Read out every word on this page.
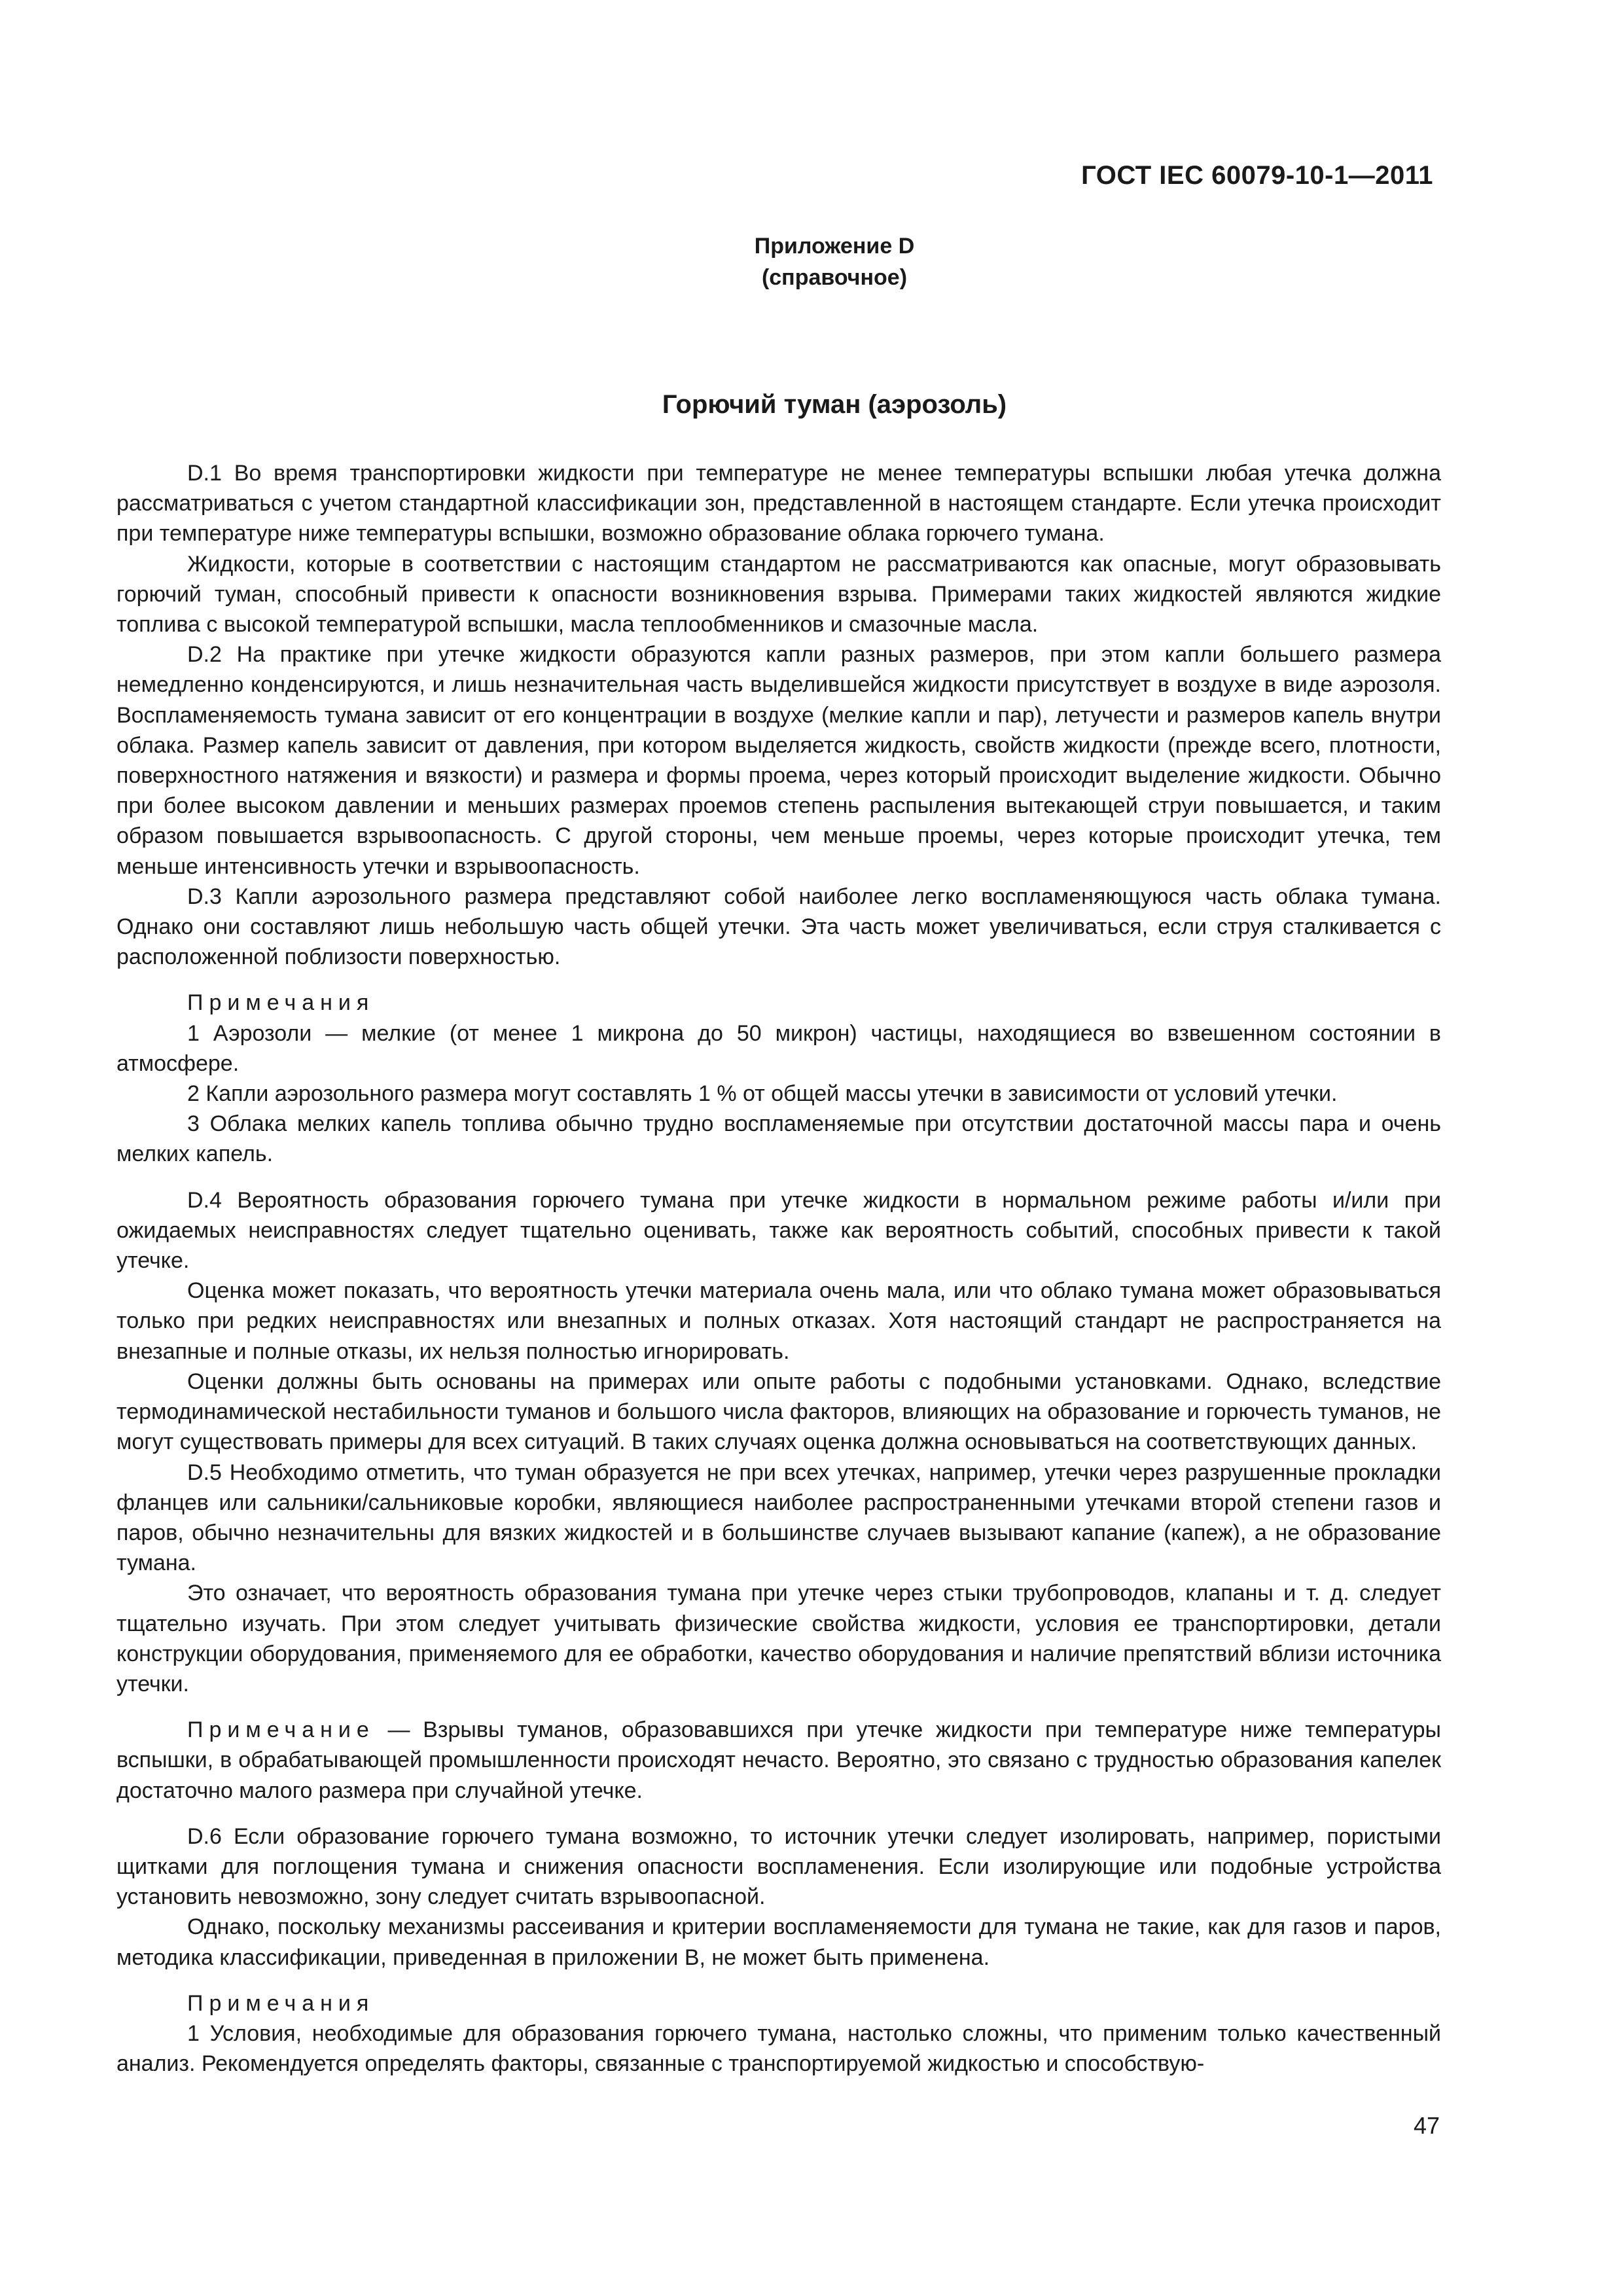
ГОСТ IEC 60079-10-1—2011
Приложение D
(справочное)
Горючий туман (аэрозоль)

D.1 Во время транспортировки жидкости при температуре не менее температуры вспышки любая утечка должна рассматриваться с учетом стандартной классификации зон, представленной в настоящем стандарте. Если утечка происходит при температуре ниже температуры вспышки, возможно образование облака горючего тумана.

Жидкости, которые в соответствии с настоящим стандартом не рассматриваются как опасные, могут образовывать горючий туман, способный привести к опасности возникновения взрыва. Примерами таких жидкостей являются жидкие топлива с высокой температурой вспышки, масла теплообменников и смазочные масла.

D.2 На практике при утечке жидкости образуются капли разных размеров, при этом капли большего размера немедленно конденсируются, и лишь незначительная часть выделившейся жидкости присутствует в воздухе в виде аэрозоля. Воспламеняемость тумана зависит от его концентрации в воздухе (мелкие капли и пар), летучести и размеров капель внутри облака. Размер капель зависит от давления, при котором выделяется жидкость, свойств жидкости (прежде всего, плотности, поверхностного натяжения и вязкости) и размера и формы проема, через который происходит выделение жидкости. Обычно при более высоком давлении и меньших размерах проемов степень распыления вытекающей струи повышается, и таким образом повышается взрывоопасность. С другой стороны, чем меньше проемы, через которые происходит утечка, тем меньше интенсивность утечки и взрывоопасность.

D.3 Капли аэрозольного размера представляют собой наиболее легко воспламеняющуюся часть облака тумана. Однако они составляют лишь небольшую часть общей утечки. Эта часть может увеличиваться, если струя сталкивается с расположенной поблизости поверхностью.

Примечания

1 Аэрозоли — мелкие (от менее 1 микрона до 50 микрон) частицы, находящиеся во взвешенном состоянии в атмосфере.

2 Капли аэрозольного размера могут составлять 1 % от общей массы утечки в зависимости от условий утечки.

3 Облака мелких капель топлива обычно трудно воспламеняемые при отсутствии достаточной массы пара и очень мелких капель.

D.4 Вероятность образования горючего тумана при утечке жидкости в нормальном режиме работы и/или при ожидаемых неисправностях следует тщательно оценивать, также как вероятность событий, способных привести к такой утечке.

Оценка может показать, что вероятность утечки материала очень мала, или что облако тумана может образовываться только при редких неисправностях или внезапных и полных отказах. Хотя настоящий стандарт не распространяется на внезапные и полные отказы, их нельзя полностью игнорировать.

Оценки должны быть основаны на примерах или опыте работы с подобными установками. Однако, вследствие термодинамической нестабильности туманов и большого числа факторов, влияющих на образование и горючесть туманов, не могут существовать примеры для всех ситуаций. В таких случаях оценка должна основываться на соответствующих данных.

D.5 Необходимо отметить, что туман образуется не при всех утечках, например, утечки через разрушенные прокладки фланцев или сальники/сальниковые коробки, являющиеся наиболее распространенными утечками второй степени газов и паров, обычно незначительны для вязких жидкостей и в большинстве случаев вызывают капание (капеж), а не образование тумана.

Это означает, что вероятность образования тумана при утечке через стыки трубопроводов, клапаны и т. д. следует тщательно изучать. При этом следует учитывать физические свойства жидкости, условия ее транспортировки, детали конструкции оборудования, применяемого для ее обработки, качество оборудования и наличие препятствий вблизи источника утечки.

Примечание — Взрывы туманов, образовавшихся при утечке жидкости при температуре ниже температуры вспышки, в обрабатывающей промышленности происходят нечасто. Вероятно, это связано с трудностью образования капелек достаточно малого размера при случайной утечке.

D.6 Если образование горючего тумана возможно, то источник утечки следует изолировать, например, пористыми щитками для поглощения тумана и снижения опасности воспламенения. Если изолирующие или подобные устройства установить невозможно, зону следует считать взрывоопасной.

Однако, поскольку механизмы рассеивания и критерии воспламеняемости для тумана не такие, как для газов и паров, методика классификации, приведенная в приложении В, не может быть применена.

Примечания

1 Условия, необходимые для образования горючего тумана, настолько сложны, что применим только качественный анализ. Рекомендуется определять факторы, связанные с транспортируемой жидкостью и способствую-

47
